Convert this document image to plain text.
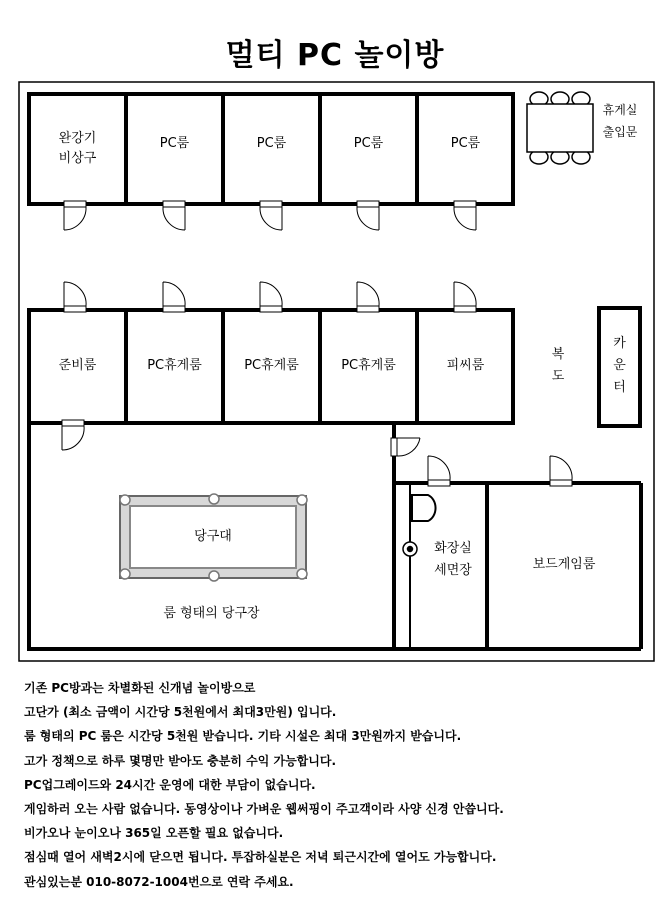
멀티 PC 놀이방
완강기
비상구
PC룸	PC룸	PC룸	PC룸
휴게실
출입문
준비룸	PC휴게룸	PC휴게룸	PC휴게룸	피씨룸
복
도
카
운
터
당구대
룸 형태의 당구장
화장실
세면장	보드게임룸
기존 PC방과는 차별화된 신개념 놀이방으로
고단가 (최소 금액이 시간당 5천원에서 최대3만원) 입니다.
룸 형태의 PC 룸은 시간당 5천원 받습니다. 기타 시설은 최대 3만원까지 받습니다.
고가 정책으로 하루 몇명만 받아도 충분히 수익 가능합니다.
PC업그레이드와 24시간 운영에 대한 부담이 없습니다.
게임하러 오는 사람 없습니다. 동영상이나 가벼운 웹써핑이 주고객이라 사양 신경 안씁니다.
비가오나 눈이오나 365일 오픈할 필요 없습니다.
점심때 열어 새벽2시에 닫으면 됩니다. 투잡하실분은 저녁 퇴근시간에 열어도 가능합니다.
관심있는분 010-8072-1004번으로 연락 주세요.
